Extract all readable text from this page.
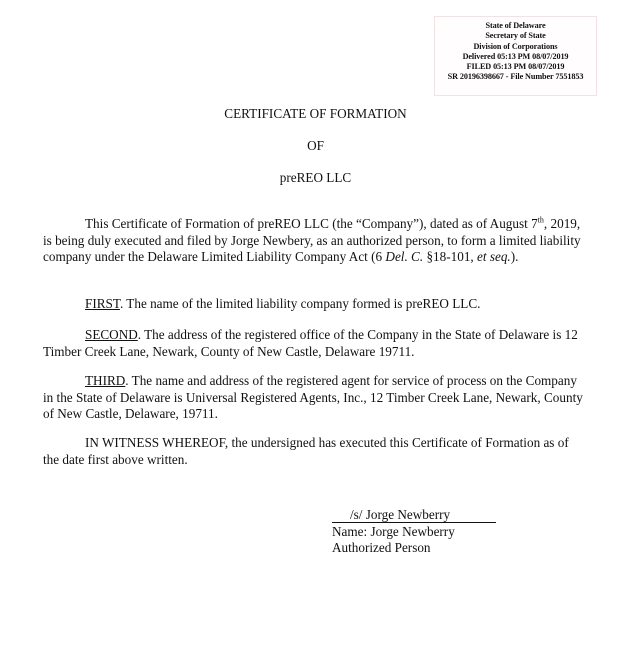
State of Delaware
Secretary of State
Division of Corporations
Delivered 05:13 PM 08/07/2019
FILED 05:13 PM 08/07/2019
SR 20196398667 - File Number 7551853
CERTIFICATE OF FORMATION
OF
preREO LLC
This Certificate of Formation of preREO LLC (the “Company”), dated as of August 7th, 2019, is being duly executed and filed by Jorge Newbery, as an authorized person, to form a limited liability company under the Delaware Limited Liability Company Act (6 Del. C. §18-101, et seq.).
FIRST. The name of the limited liability company formed is preREO LLC.
SECOND. The address of the registered office of the Company in the State of Delaware is 12 Timber Creek Lane, Newark, County of New Castle, Delaware 19711.
THIRD. The name and address of the registered agent for service of process on the Company in the State of Delaware is Universal Registered Agents, Inc., 12 Timber Creek Lane, Newark, County of New Castle, Delaware, 19711.
IN WITNESS WHEREOF, the undersigned has executed this Certificate of Formation as of the date first above written.
/s/ Jorge Newberry
Name: Jorge Newberry
Authorized Person
